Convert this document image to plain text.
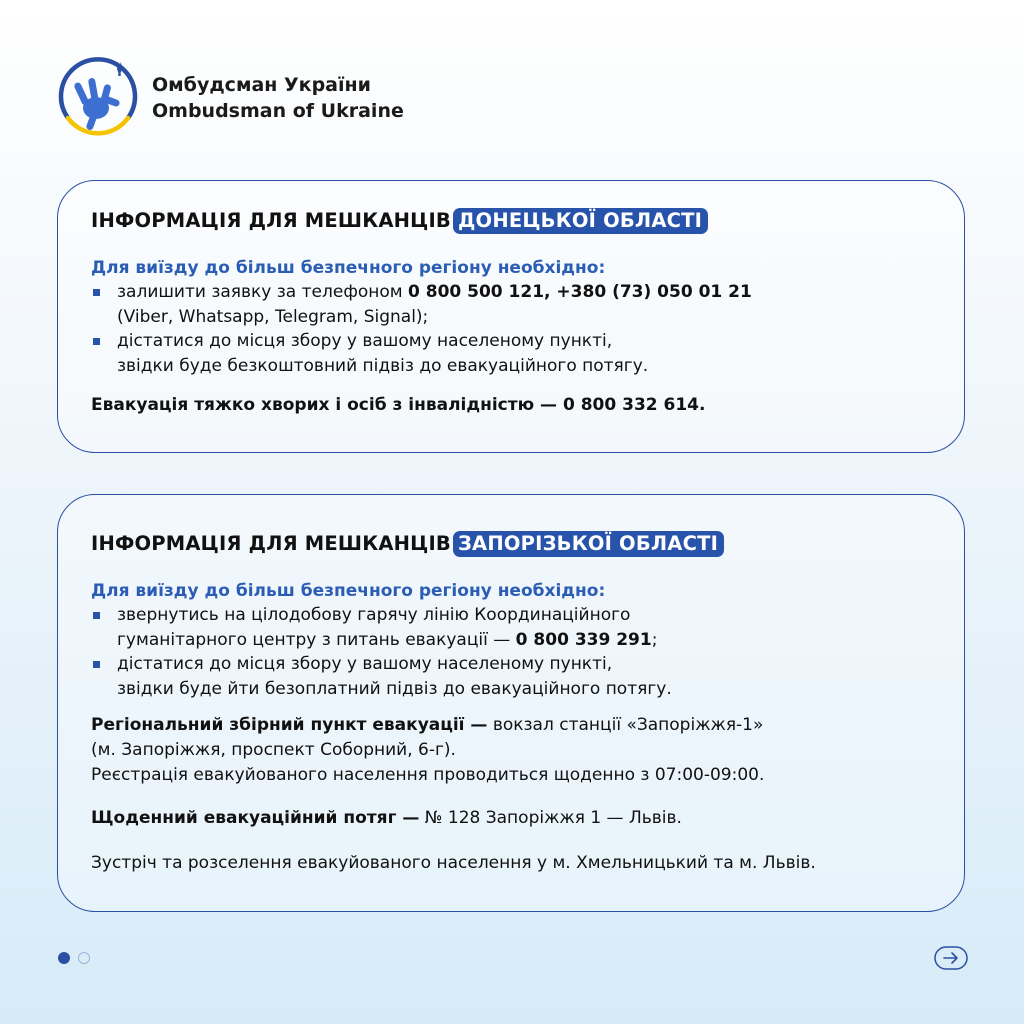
Омбудсман України
Ombudsman of Ukraine
ІНФОРМАЦІЯ ДЛЯ МЕШКАНЦІВ ДОНЕЦЬКОЇ ОБЛАСТІ
Для виїзду до більш безпечного регіону необхідно:
залишити заявку за телефоном 0 800 500 121, +380 (73) 050 01 21
(Viber, Whatsapp, Telegram, Signal);
дістатися до місця збору у вашому населеному пункті,
звідки буде безкоштовний підвіз до евакуаційного потягу.
Евакуація тяжко хворих і осіб з інвалідністю — 0 800 332 614.
ІНФОРМАЦІЯ ДЛЯ МЕШКАНЦІВ ЗАПОРІЗЬКОЇ ОБЛАСТІ
Для виїзду до більш безпечного регіону необхідно:
звернутись на цілодобову гарячу лінію Координаційного
гуманітарного центру з питань евакуації — 0 800 339 291;
дістатися до місця збору у вашому населеному пункті,
звідки буде йти безоплатний підвіз до евакуаційного потягу.
Регіональний збірний пункт евакуації — вокзал станції «Запоріжжя-1»
(м. Запоріжжя, проспект Соборний, 6-г).
Реєстрація евакуйованого населення проводиться щоденно з 07:00-09:00.
Щоденний евакуаційний потяг — № 128 Запоріжжя 1 — Львів.
Зустріч та розселення евакуйованого населення у м. Хмельницький та м. Львів.
